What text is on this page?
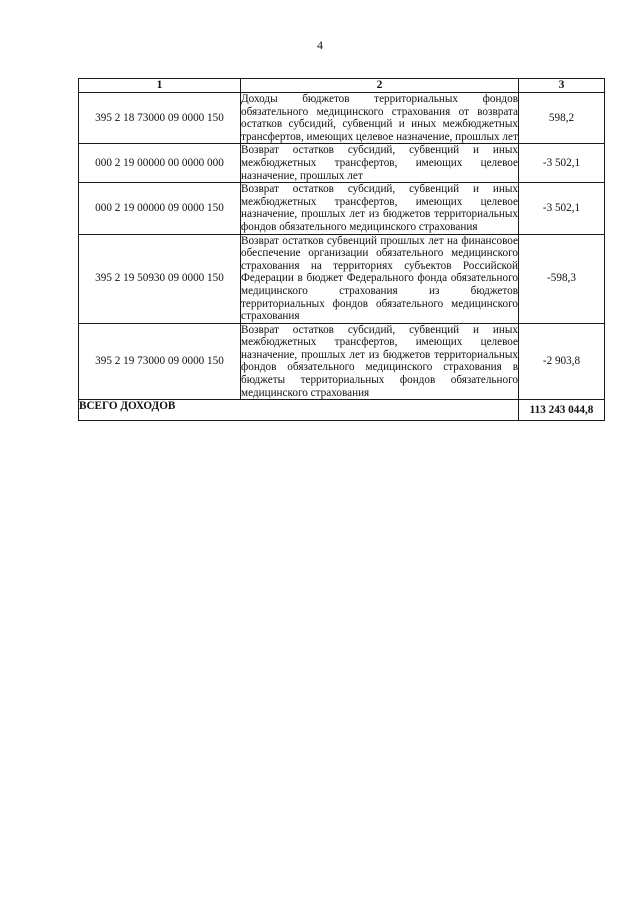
4
1	2	3
395 2 18 73000 09 0000 150	Доходы бюджетов территориальных фондов обязательного медицинского страхования от возврата остатков субсидий, субвенций и иных межбюджетных трансфертов, имеющих целевое назначение, прошлых лет	598,2
000 2 19 00000 00 0000 000	Возврат остатков субсидий, субвенций и иных межбюджетных трансфертов, имеющих целевое назначение, прошлых лет	-3 502,1
000 2 19 00000 09 0000 150	Возврат остатков субсидий, субвенций и иных межбюджетных трансфертов, имеющих целевое назначение, прошлых лет из бюджетов территориальных фондов обязательного медицинского страхования	-3 502,1
395 2 19 50930 09 0000 150	Возврат остатков субвенций прошлых лет на финансовое обеспечение организации обязательного медицинского страхования на территориях субъектов Российской Федерации в бюджет Федерального фонда обязательного медицинского страхования из бюджетов территориальных фондов обязательного медицинского страхования	-598,3
395 2 19 73000 09 0000 150	Возврат остатков субсидий, субвенций и иных межбюджетных трансфертов, имеющих целевое назначение, прошлых лет из бюджетов территориальных фондов обязательного медицинского страхования в бюджеты территориальных фондов обязательного медицинского страхования	-2 903,8
ВСЕГО ДОХОДОВ		113 243 044,8
